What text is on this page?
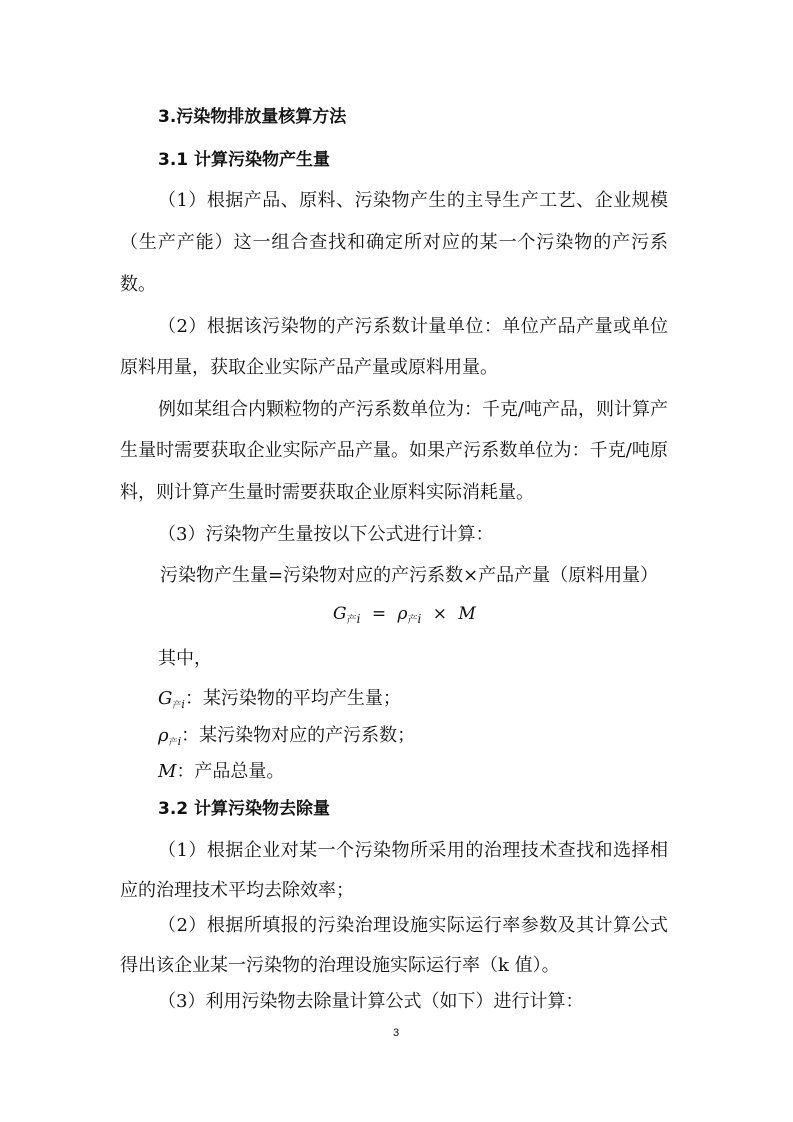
3.污染物排放量核算方法
3.1 计算污染物产生量
（1）根据产品、原料、污染物产生的主导生产工艺、企业规模
（生产产能）这一组合查找和确定所对应的某一个污染物的产污系
数。
（2）根据该污染物的产污系数计量单位：单位产品产量或单位
原料用量，获取企业实际产品产量或原料用量。
例如某组合内颗粒物的产污系数单位为：千克/吨产品，则计算产
生量时需要获取企业实际产品产量。如果产污系数单位为：千克/吨原
料，则计算产生量时需要获取企业原料实际消耗量。
（3）污染物产生量按以下公式进行计算：
污染物产生量=污染物对应的产污系数×产品产量（原料用量）
$G_{产i} = \rho_{产i} \times M$
其中，
$G_{产i}$：某污染物的平均产生量；
$\rho_{产i}$：某污染物对应的产污系数；
M：产品总量。
3.2 计算污染物去除量
（1）根据企业对某一个污染物所采用的治理技术查找和选择相
应的治理技术平均去除效率；
（2）根据所填报的污染治理设施实际运行率参数及其计算公式
得出该企业某一污染物的治理设施实际运行率（k 值）。
（3）利用污染物去除量计算公式（如下）进行计算：
3
